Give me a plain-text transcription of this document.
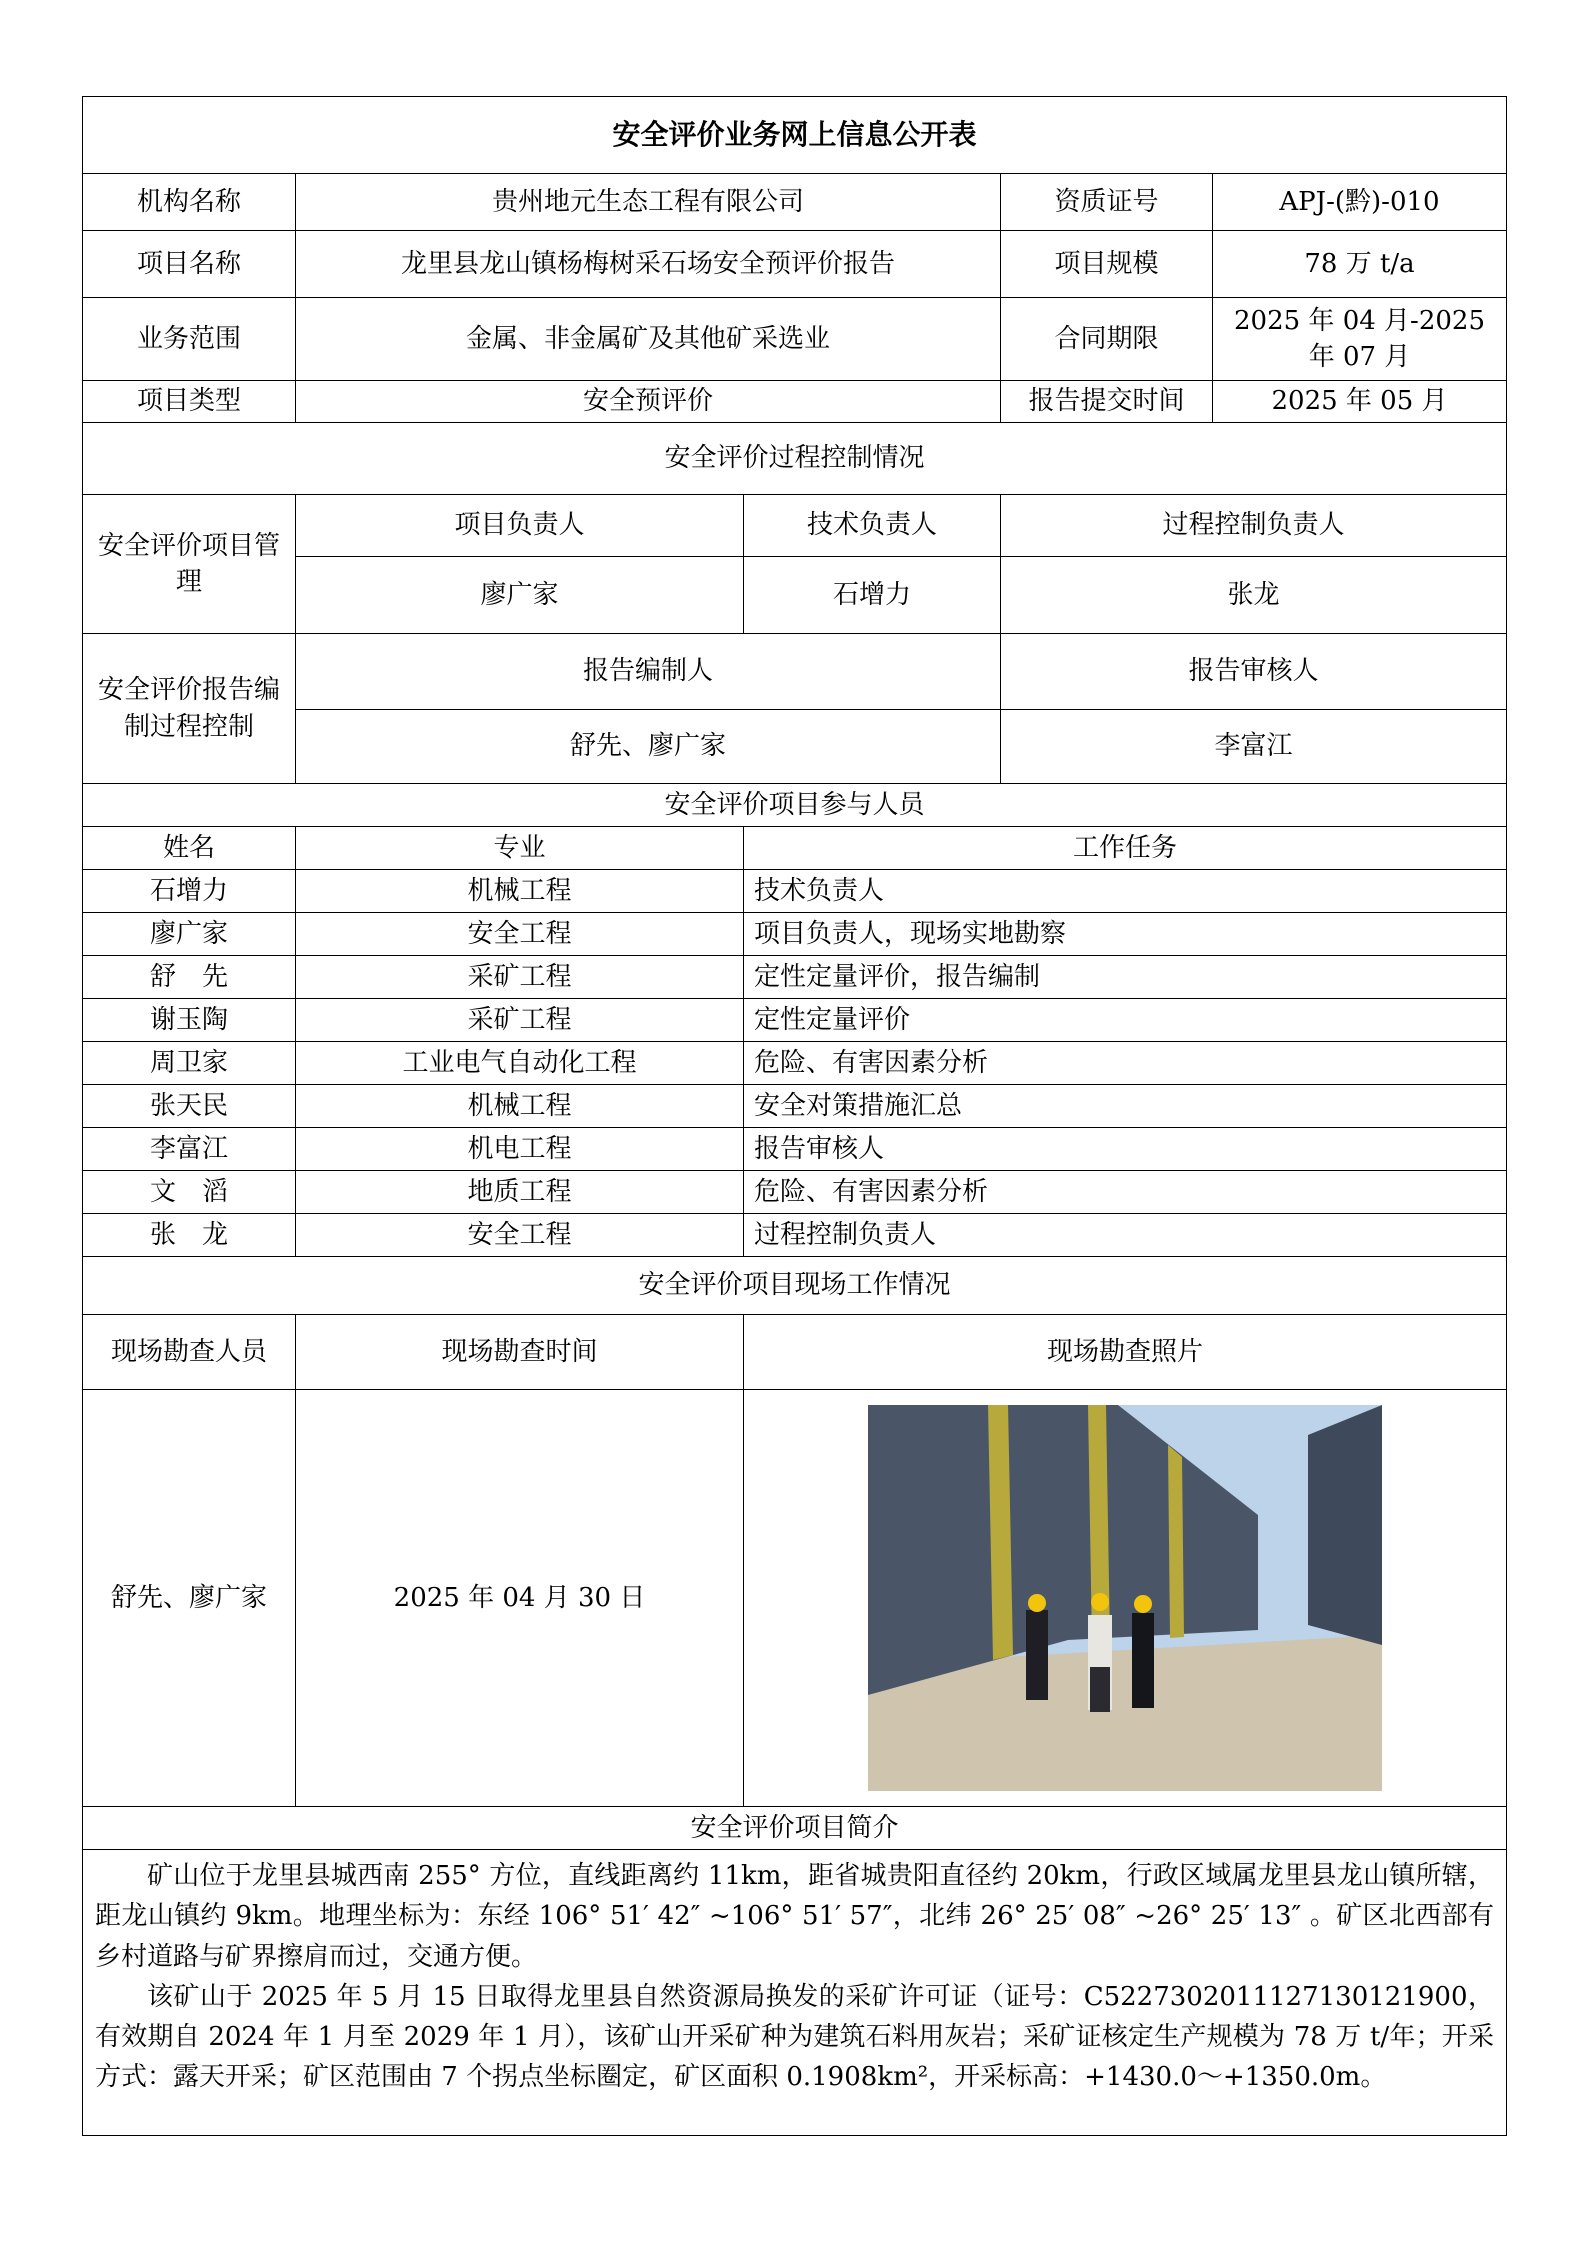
安全评价业务网上信息公开表				
机构名称	贵州地元生态工程有限公司		资质证号	APJ-(黔)-010
项目名称	龙里县龙山镇杨梅树采石场安全预评价报告		项目规模	78 万 t/a
业务范围	金属、非金属矿及其他矿采选业		合同期限	2025 年 04 月-2025 年 07 月
项目类型	安全预评价		报告提交时间	2025 年 05 月
安全评价过程控制情况				
安全评价项目管理	项目负责人	技术负责人	过程控制负责人	
	廖广家	石增力	张龙	
安全评价报告编制过程控制	报告编制人		报告审核人	
	舒先、廖广家		李富江	
安全评价项目参与人员				
姓名	专业	工作任务		
石增力	机械工程	技术负责人		
廖广家	安全工程	项目负责人，现场实地勘察		
舒　先	采矿工程	定性定量评价，报告编制		
谢玉陶	采矿工程	定性定量评价		
周卫家	工业电气自动化工程	危险、有害因素分析		
张天民	机械工程	安全对策措施汇总		
李富江	机电工程	报告审核人		
文　滔	地质工程	危险、有害因素分析		
张　龙	安全工程	过程控制负责人		
安全评价项目现场工作情况				
现场勘查人员	现场勘查时间	现场勘查照片		
舒先、廖广家	2025 年 04 月 30 日	

安全评价项目简介				

矿山位于龙里县城西南 255° 方位，直线距离约 11km，距省城贵阳直径约 20km，行政区域属龙里县龙山镇所辖，距龙山镇约 9km。地理坐标为：东经 106° 51′ 42″ ~106° 51′ 57″，北纬 26° 25′ 08″ ~26° 25′ 13″ 。矿区北西部有乡村道路与矿界擦肩而过，交通方便。

该矿山于 2025 年 5 月 15 日取得龙里县自然资源局换发的采矿许可证（证号：C5227302011127130121900，有效期自 2024 年 1 月至 2029 年 1 月），该矿山开采矿种为建筑石料用灰岩；采矿证核定生产规模为 78 万 t/年；开采方式：露天开采；矿区范围由 7 个拐点坐标圈定，矿区面积 0.1908km²，开采标高：+1430.0～+1350.0m。				
